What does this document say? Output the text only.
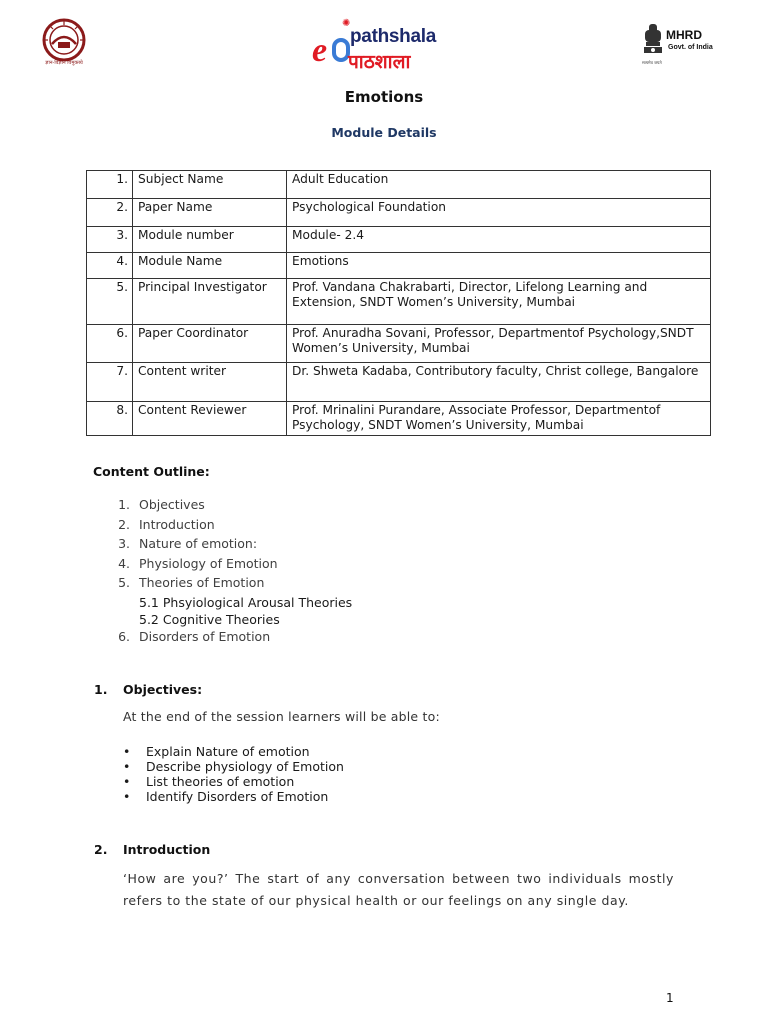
ज्ञान-विज्ञान विमुक्तये
✺
e pathshala
पाठशाला
MHRD
Govt. of India
सत्यमेव जयते
Emotions
Module Details
1.	Subject Name	Adult Education
2.	Paper Name	Psychological Foundation
3.	Module number	Module- 2.4
4.	Module Name	Emotions
5.	Principal Investigator	Prof. Vandana Chakrabarti, Director, Lifelong Learning and Extension, SNDT Women’s University, Mumbai
6.	Paper Coordinator	Prof. Anuradha Sovani, Professor, Departmentof Psychology,SNDT Women’s University, Mumbai
7.	Content writer	Dr. Shweta Kadaba, Contributory faculty, Christ college, Bangalore
8.	Content Reviewer	Prof. Mrinalini Purandare, Associate Professor, Departmentof Psychology, SNDT Women’s University, Mumbai
Content Outline:
1. Objectives
2. Introduction
3. Nature of emotion:
4. Physiology of Emotion
5. Theories of Emotion
5.1 Phsyiological Arousal Theories
5.2 Cognitive Theories
6. Disorders of Emotion
1. Objectives:
At the end of the session learners will be able to:
• Explain Nature of emotion
• Describe physiology of Emotion
• List theories of emotion
• Identify Disorders of Emotion
2. Introduction
‘How are you?’ The start of any conversation between two individuals mostly refers to the state of our physical health or our feelings on any single day.
1
